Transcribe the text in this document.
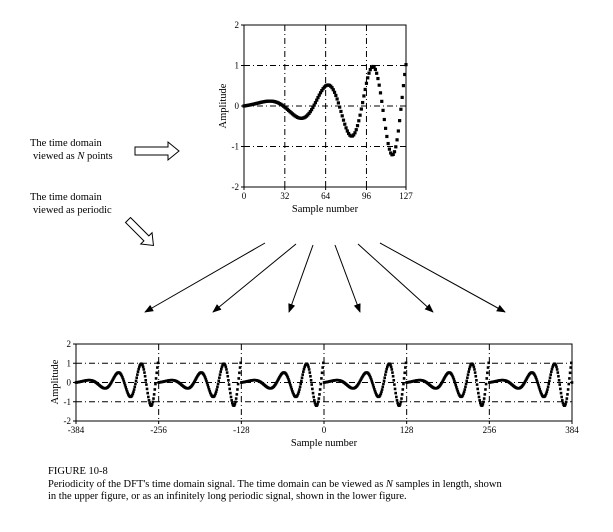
-2
-1
0
1
2
0	32	64	96	127
Sample number
Amplitude
The time domain
viewed as N points
The time domain
viewed as periodic
-2
-1
0
1
2
-384	-256	-128	0	128	256	384
Sample number
Amplitude
FIGURE 10-8
Periodicity of the DFT's time domain signal. The time domain can be viewed as N samples in length, shown
in the upper figure, or as an infinitely long periodic signal, shown in the lower figure.
